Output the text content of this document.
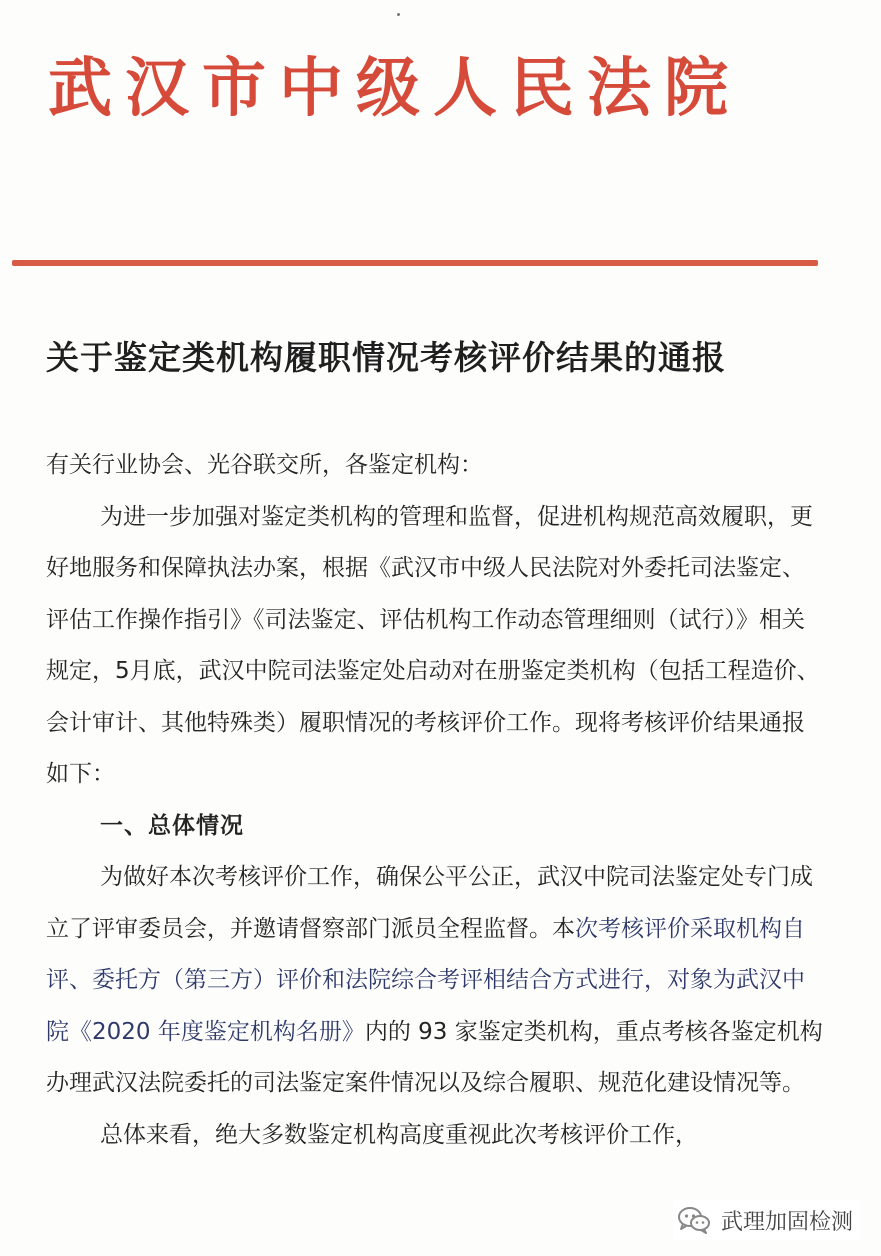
武汉市中级人民法院
关于鉴定类机构履职情况考核评价结果的通报

有关行业协会、光谷联交所，各鉴定机构：

为进一步加强对鉴定类机构的管理和监督，促进机构规范高效履职，更好地服务和保障执法办案，根据《武汉市中级人民法院对外委托司法鉴定、评估工作操作指引》《司法鉴定、评估机构工作动态管理细则（试行）》相关规定，5月底，武汉中院司法鉴定处启动对在册鉴定类机构（包括工程造价、会计审计、其他特殊类）履职情况的考核评价工作。现将考核评价结果通报如下：

一、总体情况

为做好本次考核评价工作，确保公平公正，武汉中院司法鉴定处专门成立了评审委员会，并邀请督察部门派员全程监督。本次考核评价采取机构自评、委托方（第三方）评价和法院综合考评相结合方式进行，对象为武汉中院《2020 年度鉴定机构名册》内的 93 家鉴定类机构，重点考核各鉴定机构办理武汉法院委托的司法鉴定案件情况以及综合履职、规范化建设情况等。

总体来看，绝大多数鉴定机构高度重视此次考核评价工作，

武理加固检测
